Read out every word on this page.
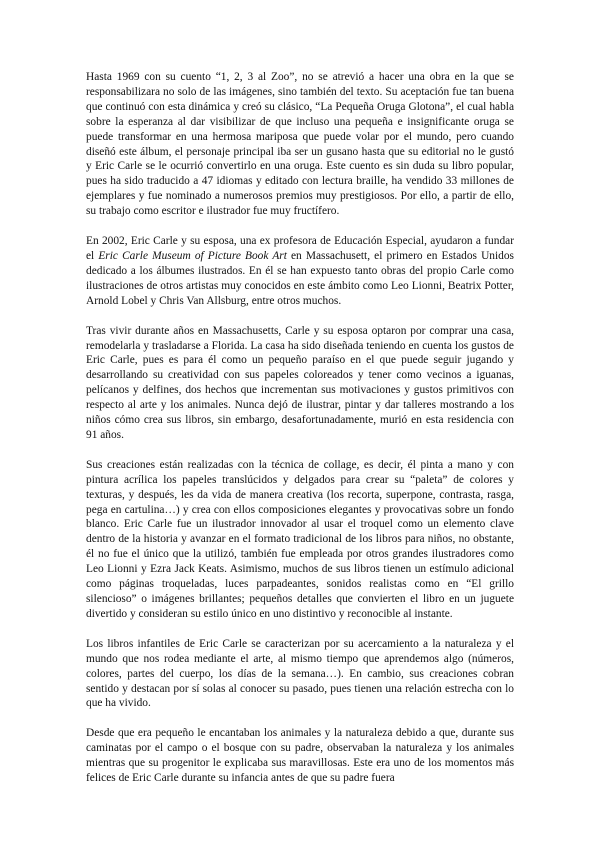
Hasta 1969 con su cuento “1, 2, 3 al Zoo”, no se atrevió a hacer una obra en la que se responsabilizara no solo de las imágenes, sino también del texto. Su aceptación fue tan buena que continuó con esta dinámica y creó su clásico, “La Pequeña Oruga Glotona”, el cual habla sobre la esperanza al dar visibilizar de que incluso una pequeña e insignificante oruga se puede transformar en una hermosa mariposa que puede volar por el mundo, pero cuando diseñó este álbum, el personaje principal iba ser un gusano hasta que su editorial no le gustó y Eric Carle se le ocurrió convertirlo en una oruga. Este cuento es sin duda su libro popular, pues ha sido traducido a 47 idiomas y editado con lectura braille, ha vendido 33 millones de ejemplares y fue nominado a numerosos premios muy prestigiosos. Por ello, a partir de ello, su trabajo como escritor e ilustrador fue muy fructífero.

En 2002, Eric Carle y su esposa, una ex profesora de Educación Especial, ayudaron a fundar el Eric Carle Museum of Picture Book Art en Massachusett, el primero en Estados Unidos dedicado a los álbumes ilustrados. En él se han expuesto tanto obras del propio Carle como ilustraciones de otros artistas muy conocidos en este ámbito como Leo Lionni, Beatrix Potter, Arnold Lobel y Chris Van Allsburg, entre otros muchos.

Tras vivir durante años en Massachusetts, Carle y su esposa optaron por comprar una casa, remodelarla y trasladarse a Florida. La casa ha sido diseñada teniendo en cuenta los gustos de Eric Carle, pues es para él como un pequeño paraíso en el que puede seguir jugando y desarrollando su creatividad con sus papeles coloreados y tener como vecinos a iguanas, pelícanos y delfines, dos hechos que incrementan sus motivaciones y gustos primitivos con respecto al arte y los animales. Nunca dejó de ilustrar, pintar y dar talleres mostrando a los niños cómo crea sus libros, sin embargo, desafortunadamente, murió en esta residencia con 91 años.

Sus creaciones están realizadas con la técnica de collage, es decir, él pinta a mano y con pintura acrílica los papeles translúcidos y delgados para crear su “paleta” de colores y texturas, y después, les da vida de manera creativa (los recorta, superpone, contrasta, rasga, pega en cartulina…) y crea con ellos composiciones elegantes y provocativas sobre un fondo blanco. Eric Carle fue un ilustrador innovador al usar el troquel como un elemento clave dentro de la historia y avanzar en el formato tradicional de los libros para niños, no obstante, él no fue el único que la utilizó, también fue empleada por otros grandes ilustradores como Leo Lionni y Ezra Jack Keats. Asimismo, muchos de sus libros tienen un estímulo adicional como páginas troqueladas, luces parpadeantes, sonidos realistas como en “El grillo silencioso” o imágenes brillantes; pequeños detalles que convierten el libro en un juguete divertido y consideran su estilo único en uno distintivo y reconocible al instante.

Los libros infantiles de Eric Carle se caracterizan por su acercamiento a la naturaleza y el mundo que nos rodea mediante el arte, al mismo tiempo que aprendemos algo (números, colores, partes del cuerpo, los días de la semana…). En cambio, sus creaciones cobran sentido y destacan por sí solas al conocer su pasado, pues tienen una relación estrecha con lo que ha vivido.

Desde que era pequeño le encantaban los animales y la naturaleza debido a que, durante sus caminatas por el campo o el bosque con su padre, observaban la naturaleza y los animales mientras que su progenitor le explicaba sus maravillosas. Este era uno de los momentos más felices de Eric Carle durante su infancia antes de que su padre fuera
